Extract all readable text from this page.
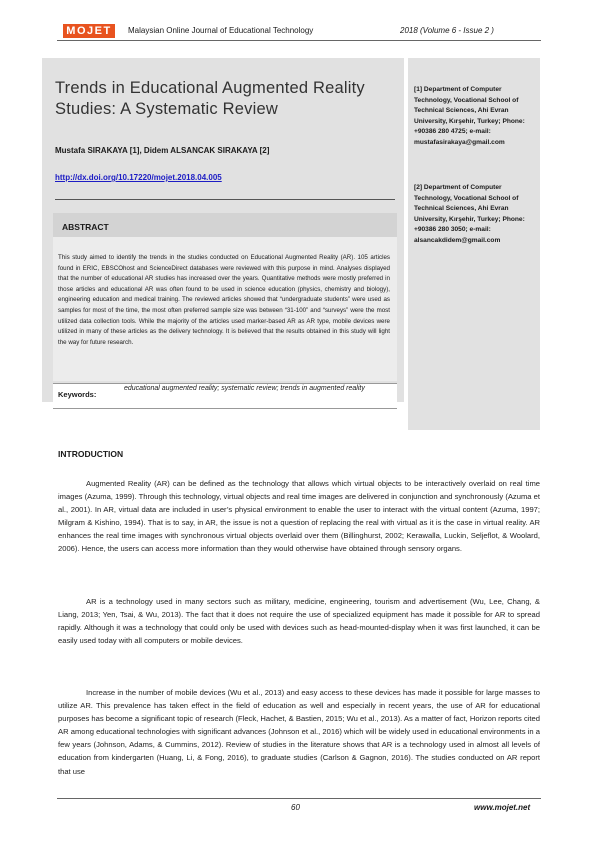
MOJET	Malaysian Online Journal of Educational Technology	2018 (Volume 6 - Issue 2 )
Trends in Educational Augmented Reality Studies: A Systematic Review
Mustafa SIRAKAYA [1], Didem ALSANCAK SIRAKAYA [2]
http://dx.doi.org/10.17220/mojet.2018.04.005
ABSTRACT
This study aimed to identify the trends in the studies conducted on Educational Augmented Reality (AR). 105 articles found in ERIC, EBSCOhost and ScienceDirect databases were reviewed with this purpose in mind. Analyses displayed that the number of educational AR studies has increased over the years. Quantitative methods were mostly preferred in those articles and educational AR was often found to be used in science education (physics, chemistry and biology), engineering education and medical training. The reviewed articles showed that “undergraduate students” were used as samples for most of the time, the most often preferred sample size was between “31-100” and “surveys” were the most utilized data collection tools. While the majority of the articles used marker-based AR as AR type, mobile devices were utilized in many of these articles as the delivery technology. It is believed that the results obtained in this study will light the way for future research.
Keywords:
educational augmented reality; systematic review; trends in augmented reality
[1] Department of Computer Technology, Vocational School of Technical Sciences, Ahi Evran University, Kırşehir, Turkey; Phone: +90386 280 4725; e-mail: mustafasirakaya@gmail.com
[2] Department of Computer Technology, Vocational School of Technical Sciences, Ahi Evran University, Kırşehir, Turkey; Phone: +90386 280 3050; e-mail: alsancakdidem@gmail.com
INTRODUCTION
Augmented Reality (AR) can be defined as the technology that allows which virtual objects to be interactively overlaid on real time images (Azuma, 1999). Through this technology, virtual objects and real time images are delivered in conjunction and synchronously (Azuma et al., 2001). In AR, virtual data are included in user’s physical environment to enable the user to interact with the virtual content (Azuma, 1997; Milgram & Kishino, 1994). That is to say, in AR, the issue is not a question of replacing the real with virtual as it is the case in virtual reality. AR enhances the real time images with synchronous virtual objects overlaid over them (Billinghurst, 2002; Kerawalla, Luckin, Seljeflot, & Woolard, 2006). Hence, the users can access more information than they would otherwise have obtained through sensory organs.
AR is a technology used in many sectors such as military, medicine, engineering, tourism and advertisement (Wu, Lee, Chang, & Liang, 2013; Yen, Tsai, & Wu, 2013). The fact that it does not require the use of specialized equipment has made it possible for AR to spread rapidly. Although it was a technology that could only be used with devices such as head-mounted-display when it was first launched, it can be easily used today with all computers or mobile devices.
Increase in the number of mobile devices (Wu et al., 2013) and easy access to these devices has made it possible for large masses to utilize AR. This prevalence has taken effect in the field of education as well and especially in recent years, the use of AR for educational purposes has become a significant topic of research (Fleck, Hachet, & Bastien, 2015; Wu et al., 2013). As a matter of fact, Horizon reports cited AR among educational technologies with significant advances (Johnson et al., 2016) which will be widely used in educational environments in a few years (Johnson, Adams, & Cummins, 2012). Review of studies in the literature shows that AR is a technology used in almost all levels of education from kindergarten (Huang, Li, & Fong, 2016), to graduate studies (Carlson & Gagnon, 2016). The studies conducted on AR report that use
60	www.mojet.net
